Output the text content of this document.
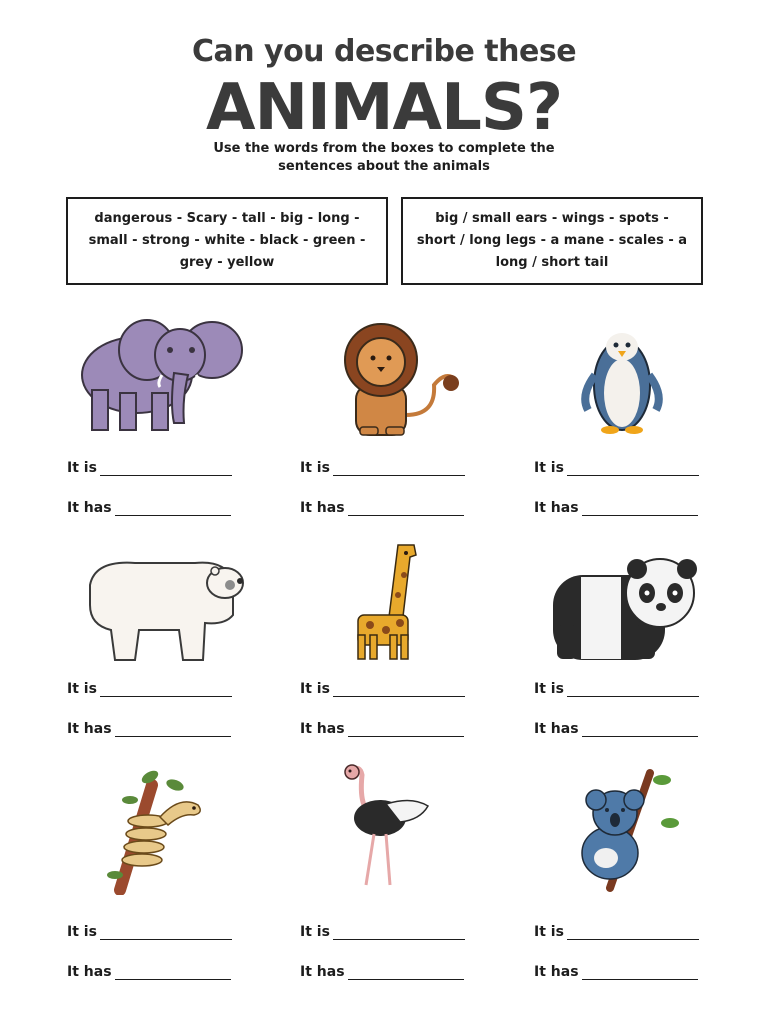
Can you describe these
ANIMALS?
Use the words from the boxes to complete the sentences about the animals
dangerous - Scary - tall - big - long - small - strong - white - black - green - grey - yellow
big / small ears - wings - spots - short / long legs - a mane - scales - a long / short tail
It is	It is	It is
It has	It has	It has
It is	It is	It is
It has	It has	It has
It is	It is	It is
It has	It has	It has
